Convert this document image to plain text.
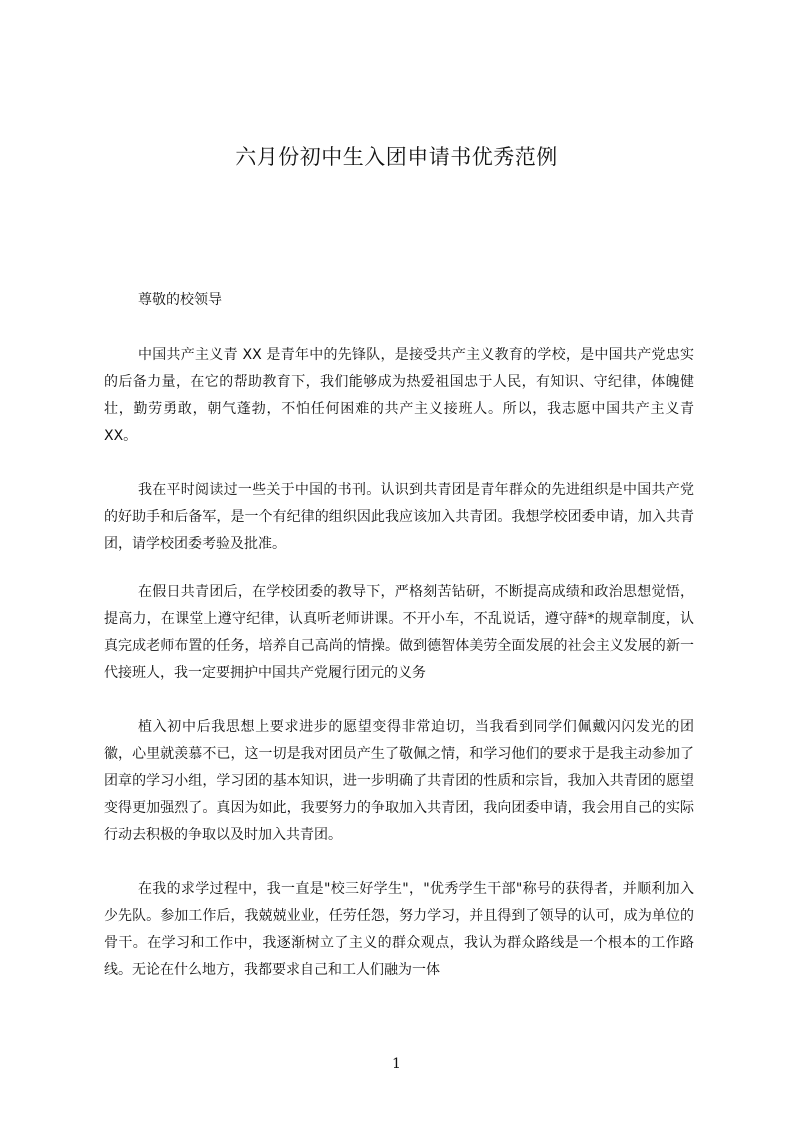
六月份初中生入团申请书优秀范例

尊敬的校领导

中国共产主义青 XX 是青年中的先锋队，是接受共产主义教育的学校，是中国共产党忠实的后备力量，在它的帮助教育下，我们能够成为热爱祖国忠于人民，有知识、守纪律，体魄健壮，勤劳勇敢，朝气蓬勃，不怕任何困难的共产主义接班人。所以，我志愿中国共产主义青 XX。

我在平时阅读过一些关于中国的书刊。认识到共青团是青年群众的先进组织是中国共产党的好助手和后备军，是一个有纪律的组织因此我应该加入共青团。我想学校团委申请，加入共青团，请学校团委考验及批准。

在假日共青团后，在学校团委的教导下，严格刻苦钻研，不断提高成绩和政治思想觉悟，提高力，在课堂上遵守纪律，认真听老师讲课。不开小车，不乱说话，遵守薛*的规章制度，认真完成老师布置的任务，培养自己高尚的情操。做到德智体美劳全面发展的社会主义发展的新一代接班人，我一定要拥护中国共产党履行团元的义务

植入初中后我思想上要求进步的愿望变得非常迫切，当我看到同学们佩戴闪闪发光的团徽，心里就羡慕不已，这一切是我对团员产生了敬佩之情，和学习他们的要求于是我主动参加了团章的学习小组，学习团的基本知识，进一步明确了共青团的性质和宗旨，我加入共青团的愿望变得更加强烈了。真因为如此，我要努力的争取加入共青团，我向团委申请，我会用自己的实际行动去积极的争取以及时加入共青团。

在我的求学过程中，我一直是"校三好学生"，"优秀学生干部"称号的获得者，并顺利加入少先队。参加工作后，我兢兢业业，任劳任怨，努力学习，并且得到了领导的认可，成为单位的骨干。在学习和工作中，我逐渐树立了主义的群众观点，我认为群众路线是一个根本的工作路线。无论在什么地方，我都要求自己和工人们融为一体

1
